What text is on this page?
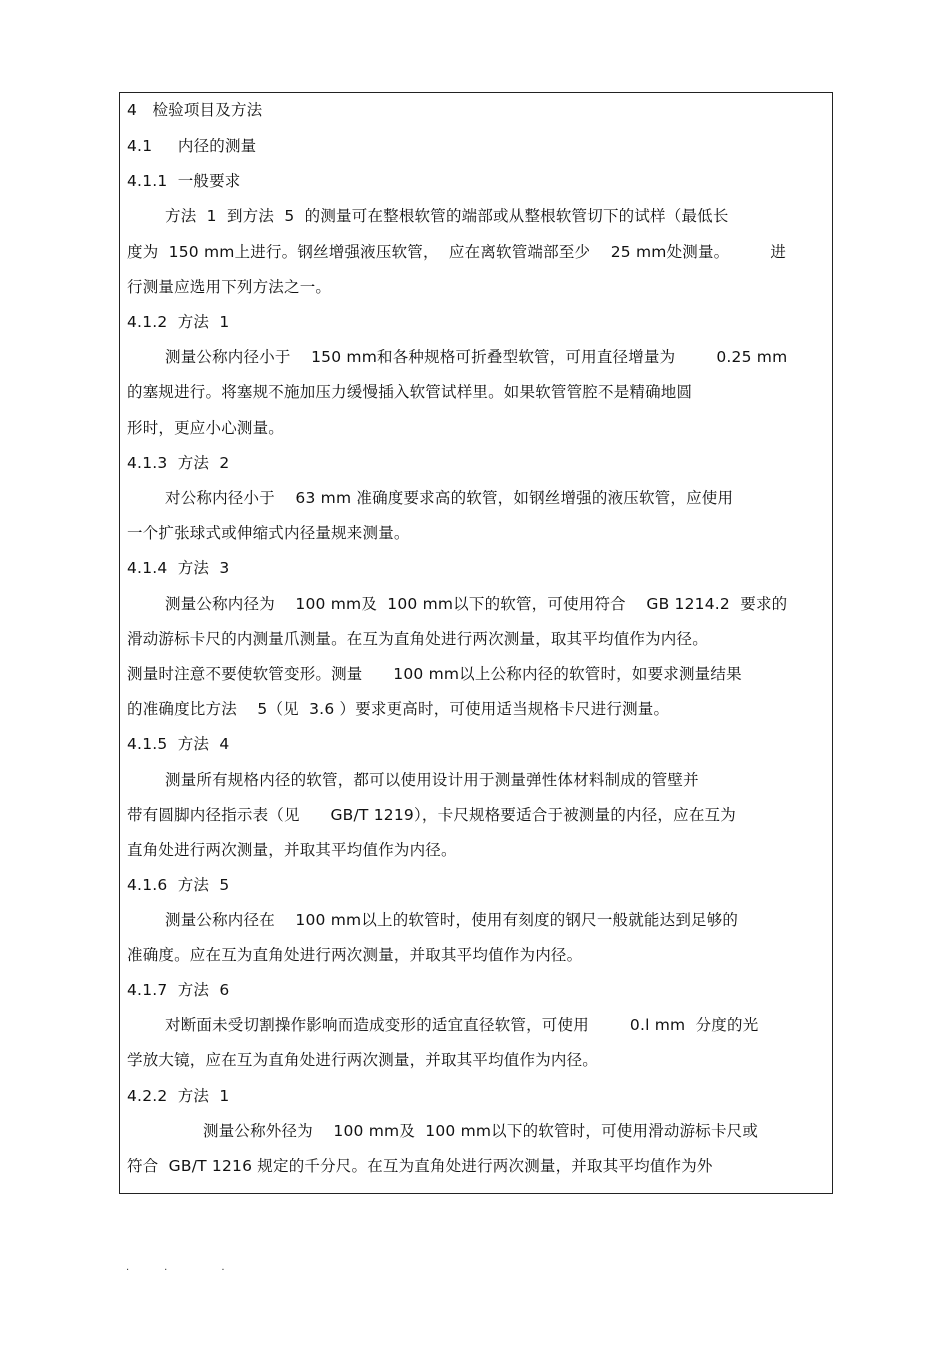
4   检验项目及方法
4.1     内径的测量
4.1.1  一般要求
方法  1  到方法  5  的测量可在整根软管的端部或从整根软管切下的试样（最低长
度为  150 mm上进行。钢丝增强液压软管，  应在离软管端部至少    25 mm处测量。        进
行测量应选用下列方法之一。
4.1.2  方法  1
测量公称内径小于    150 mm和各种规格可折叠型软管，可用直径增量为        0.25 mm
的塞规进行。将塞规不施加压力缓慢插入软管试样里。如果软管管腔不是精确地圆
形时，更应小心测量。
4.1.3  方法  2
对公称内径小于    63 mm 准确度要求高的软管，如钢丝增强的液压软管，应使用
一个扩张球式或伸缩式内径量规来测量。
4.1.4  方法  3
测量公称内径为    100 mm及  100 mm以下的软管，可使用符合    GB 1214.2  要求的
滑动游标卡尺的内测量爪测量。在互为直角处进行两次测量，取其平均值作为内径。
测量时注意不要使软管变形。测量      100 mm以上公称内径的软管时，如要求测量结果
的准确度比方法    5（见  3.6 ）要求更高时，可使用适当规格卡尺进行测量。
4.1.5  方法  4
测量所有规格内径的软管，都可以使用设计用于测量弹性体材料制成的管壁并
带有圆脚内径指示表（见      GB/T 1219），卡尺规格要适合于被测量的内径，应在互为
直角处进行两次测量，并取其平均值作为内径。
4.1.6  方法  5
测量公称内径在    100 mm以上的软管时，使用有刻度的钢尺一般就能达到足够的
准确度。应在互为直角处进行两次测量，并取其平均值作为内径。
4.1.7  方法  6
对断面未受切割操作影响而造成变形的适宜直径软管，可使用        0.l mm  分度的光
学放大镜，应在互为直角处进行两次测量，并取其平均值作为内径。
4.2.2  方法  1
测量公称外径为    100 mm及  100 mm以下的软管时，可使用滑动游标卡尺或
符合  GB/T 1216 规定的千分尺。在互为直角处进行两次测量，并取其平均值作为外
.           .                 .
